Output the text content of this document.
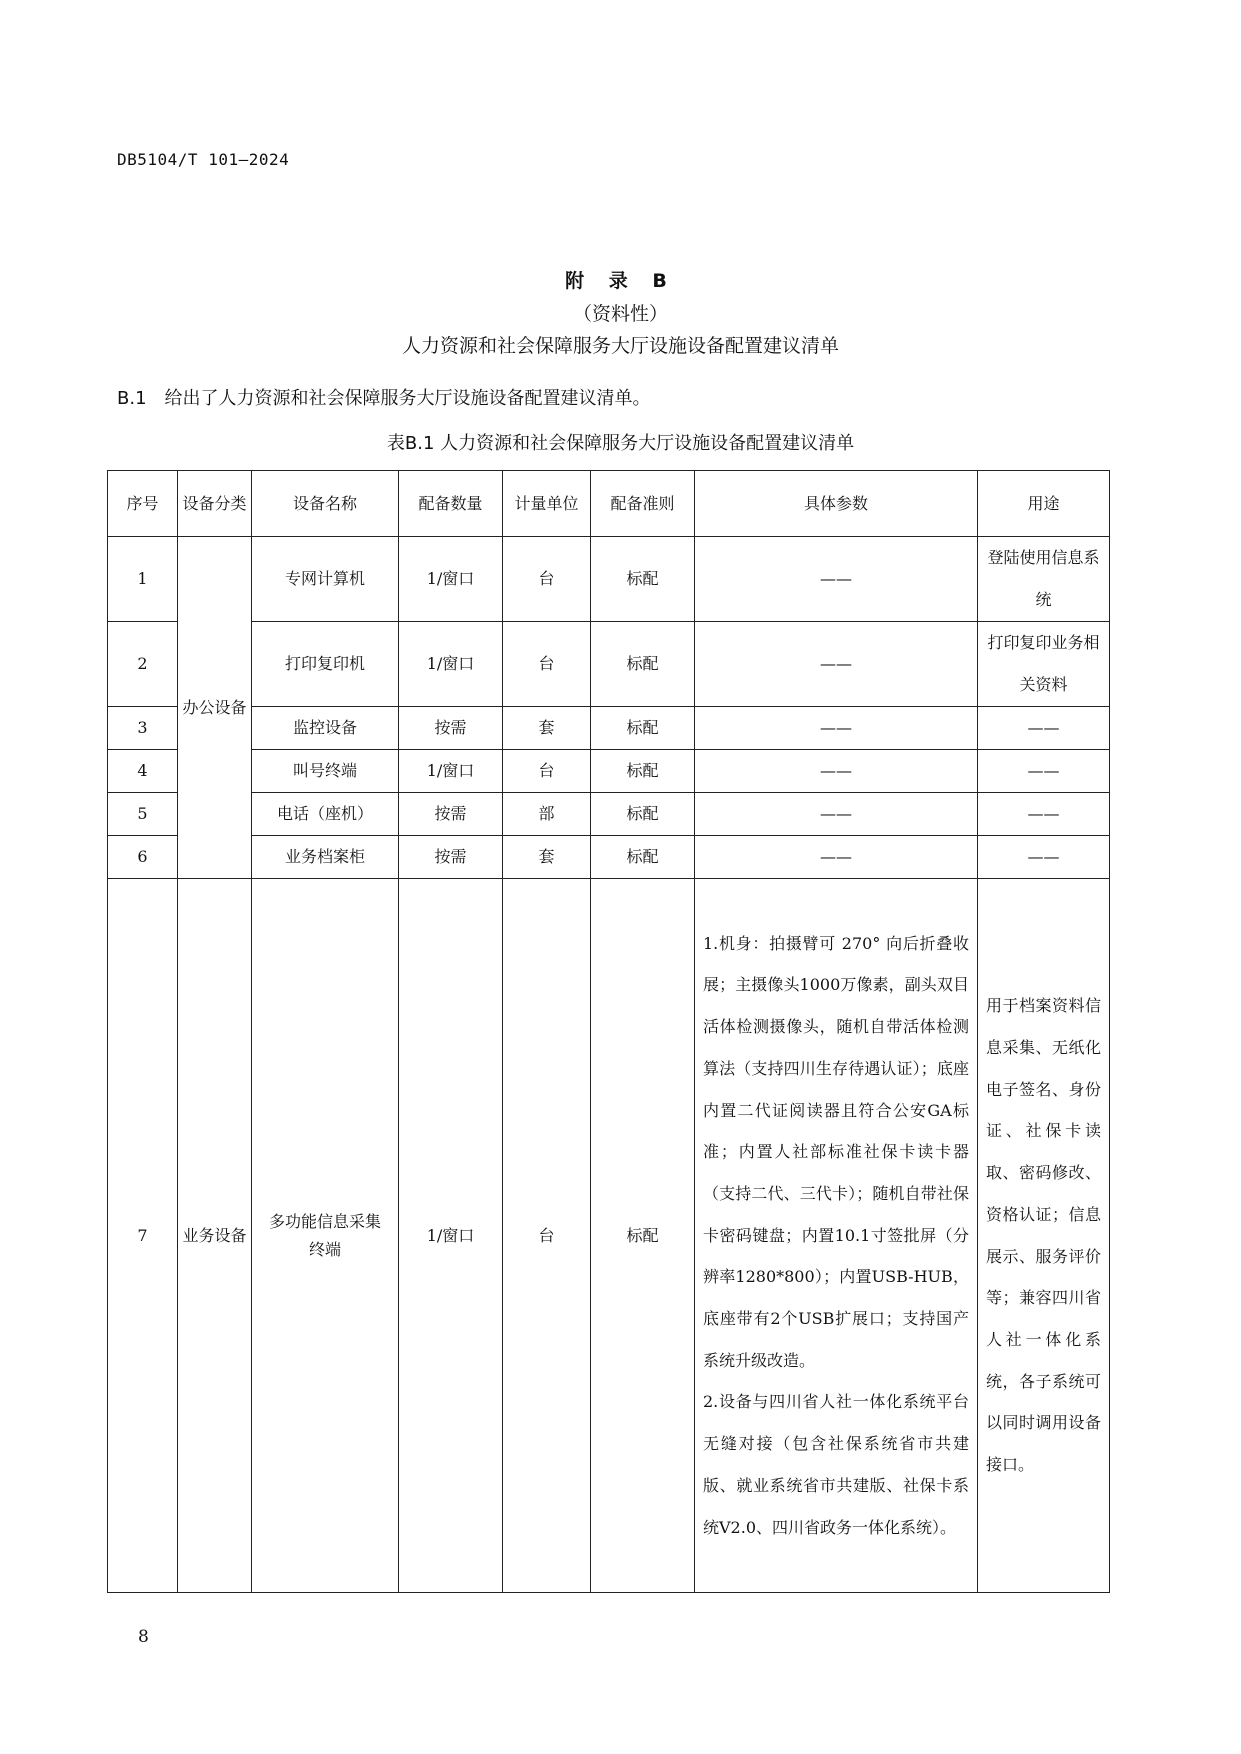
DB5104/T 101—2024
附 录 B
（资料性）
人力资源和社会保障服务大厅设施设备配置建议清单
B.1 给出了人力资源和社会保障服务大厅设施设备配置建议清单。
表B.1 人力资源和社会保障服务大厅设施设备配置建议清单
序号	设备分类	设备名称	配备数量	计量单位	配备准则	具体参数	用途
1	办公设备	专网计算机	1/窗口	台	标配	——	登陆使用信息系统
2		打印复印机	1/窗口	台	标配	——	打印复印业务相关资料
3		监控设备	按需	套	标配	——	——
4		叫号终端	1/窗口	台	标配	——	——
5		电话（座机）	按需	部	标配	——	——
6		业务档案柜	按需	套	标配	——	——
7	业务设备	多功能信息采集终端	1/窗口	台	标配	1.机身：拍摄臂可 270° 向后折叠收展；主摄像头1000万像素，副头双目活体检测摄像头，随机自带活体检测算法（支持四川生存待遇认证）；底座内置二代证阅读器且符合公安GA标准；内置人社部标准社保卡读卡器（支持二代、三代卡）；随机自带社保卡密码键盘；内置10.1寸签批屏（分辨率1280*800）；内置USB-HUB，底座带有2个USB扩展口；支持国产系统升级改造。
2.设备与四川省人社一体化系统平台无缝对接（包含社保系统省市共建版、就业系统省市共建版、社保卡系统V2.0、四川省政务一体化系统）。	用于档案资料信息采集、无纸化电子签名、身份证、社保卡读取、密码修改、资格认证；信息展示、服务评价等；兼容四川省人社一体化系统，各子系统可以同时调用设备接口。
8
